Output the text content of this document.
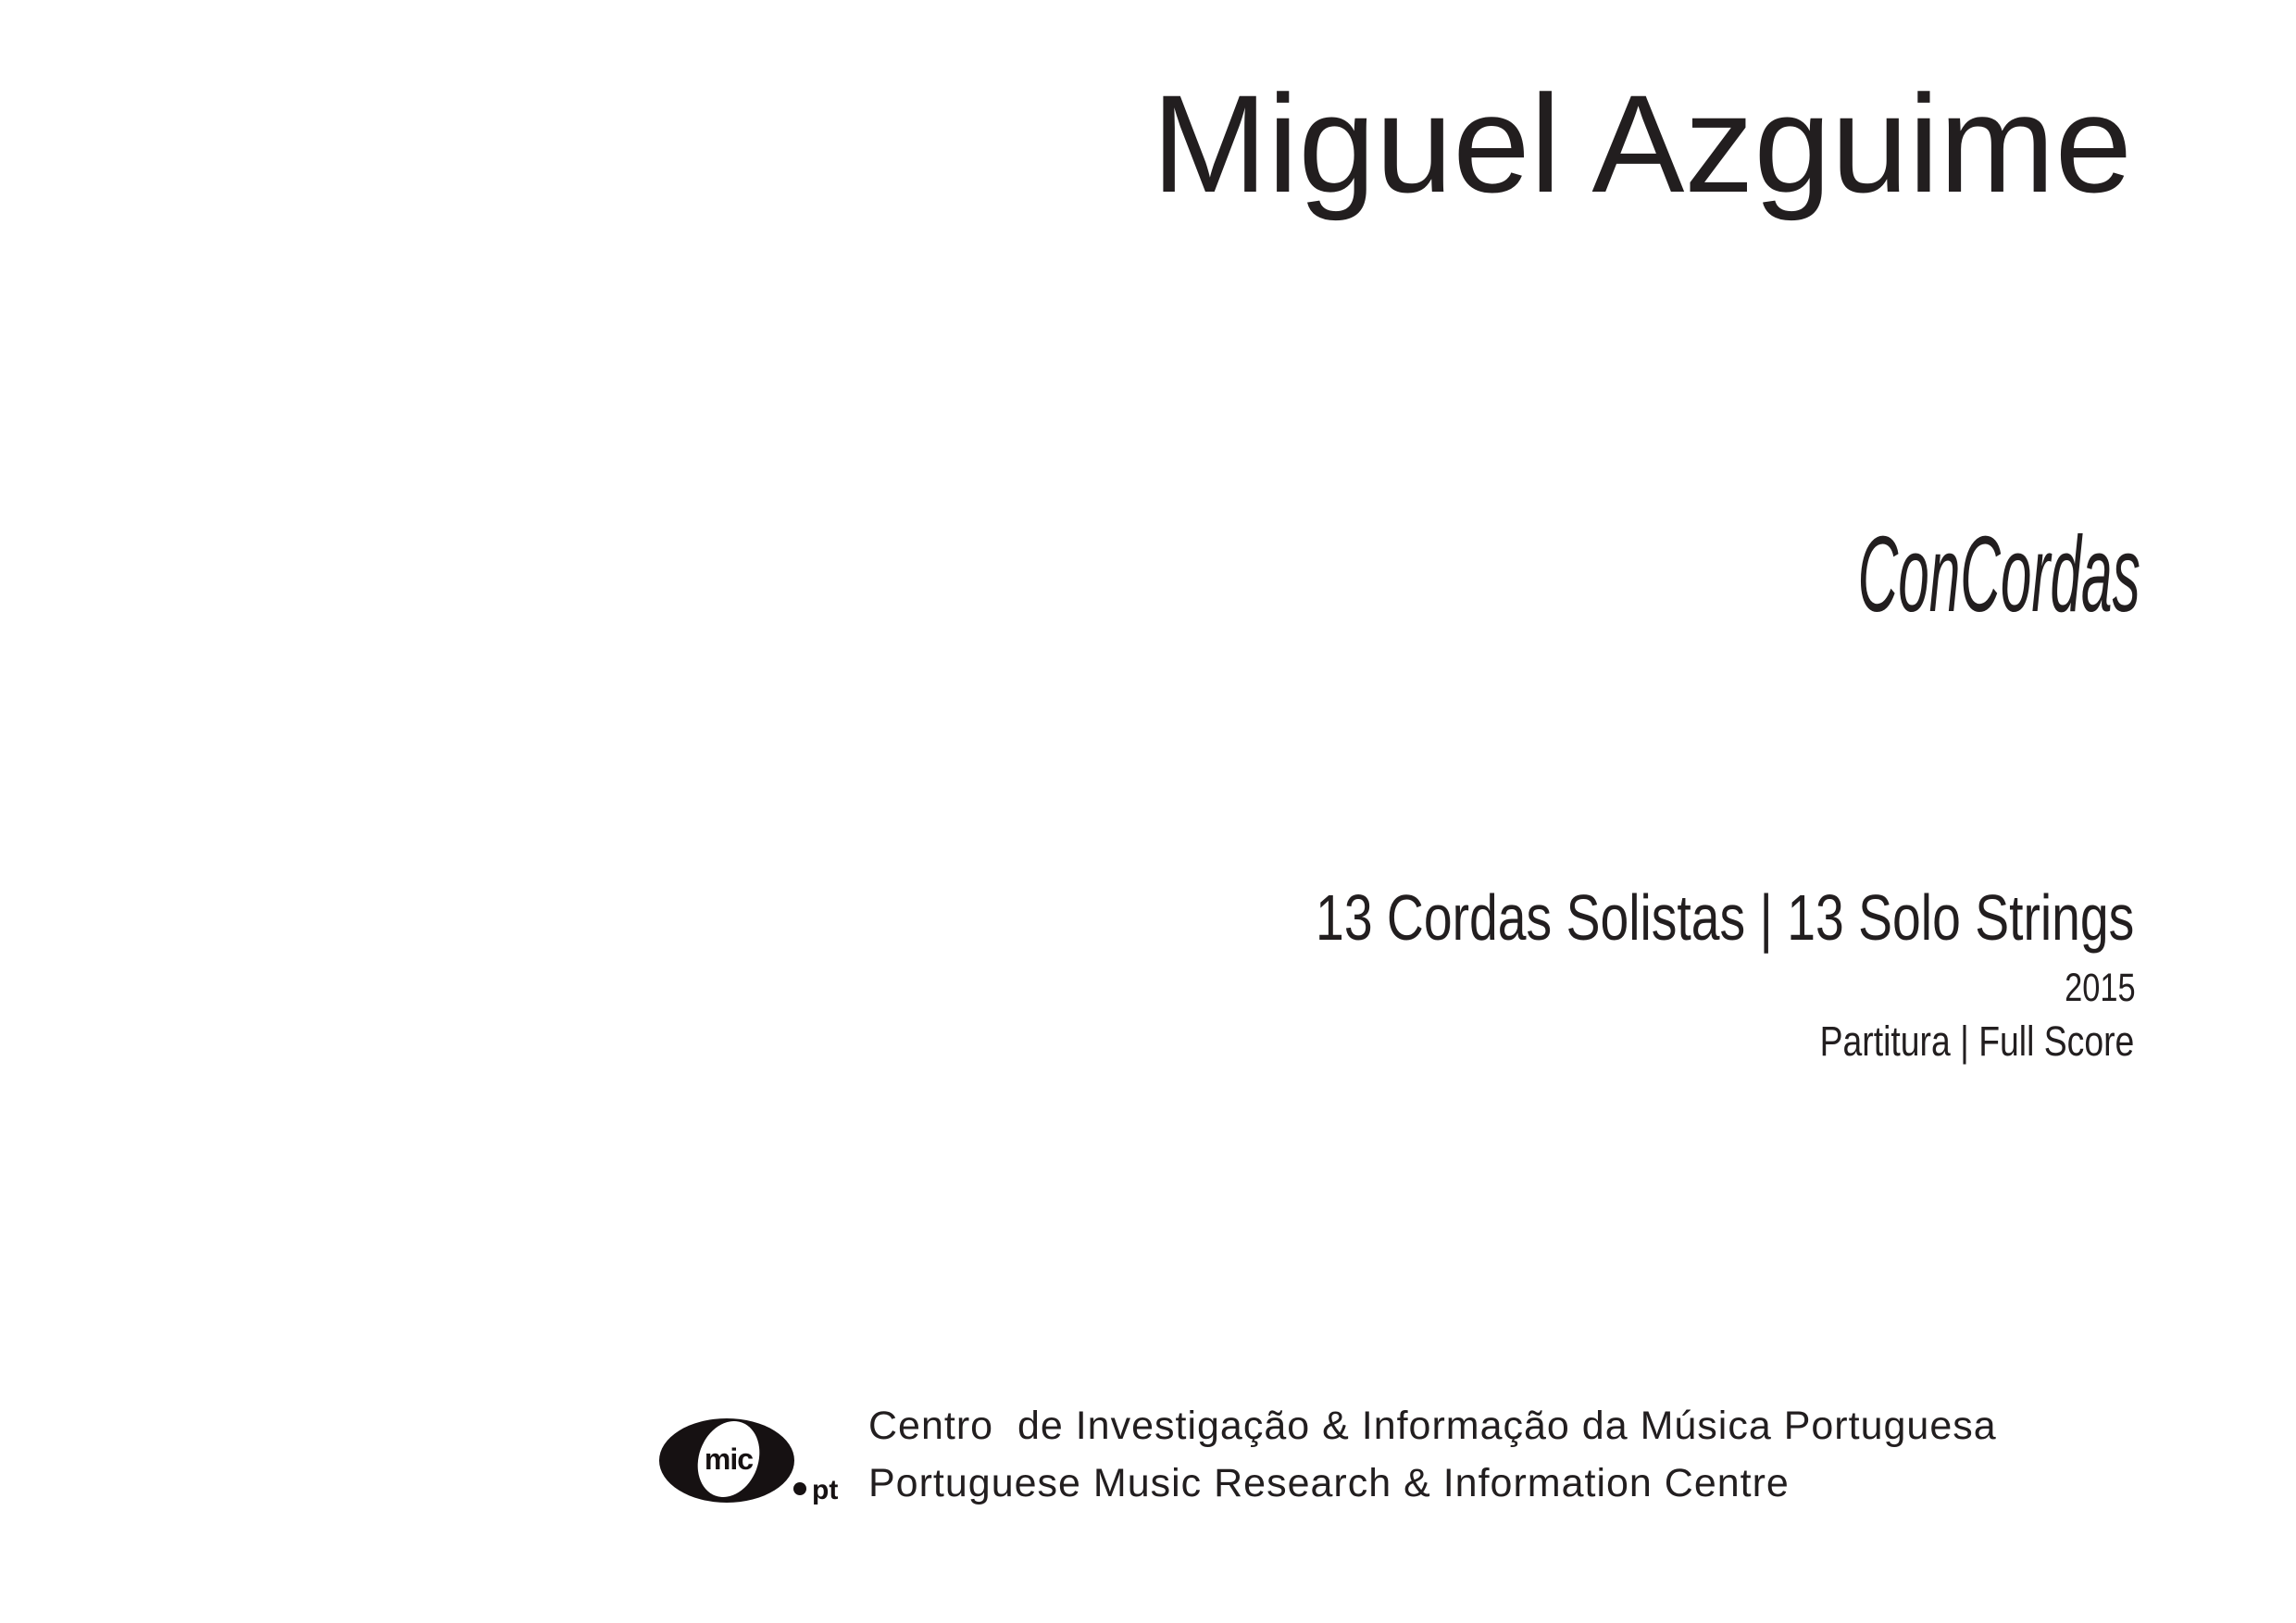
Miguel Azguime
ConCordas
13 Cordas Solistas | 13 Solo Strings
2015
Partitura | Full Score
mic
pt
Centro  de Investigação & Informação da Música Portuguesa
Portuguese Music Research & Information Centre
